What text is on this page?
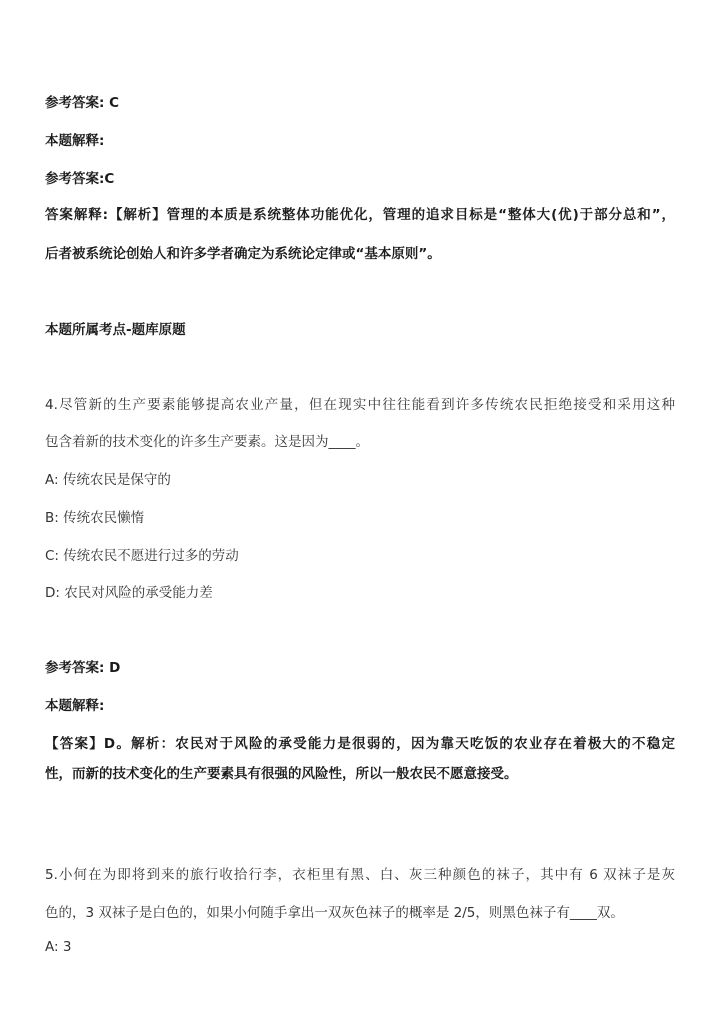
参考答案: C
本题解释:
参考答案:C
答案解释:【解析】管理的本质是系统整体功能优化，管理的追求目标是“整体大(优)于部分总和”，
后者被系统论创始人和许多学者确定为系统论定律或“基本原则”。
本题所属考点-题库原题
4.尽管新的生产要素能够提高农业产量，但在现实中往往能看到许多传统农民拒绝接受和采用这种
包含着新的技术变化的许多生产要素。这是因为____。
A: 传统农民是保守的
B: 传统农民懒惰
C: 传统农民不愿进行过多的劳动
D: 农民对风险的承受能力差
参考答案: D
本题解释:
【答案】D。解析：农民对于风险的承受能力是很弱的，因为靠天吃饭的农业存在着极大的不稳定
性，而新的技术变化的生产要素具有很强的风险性，所以一般农民不愿意接受。
5.小何在为即将到来的旅行收拾行李，衣柜里有黑、白、灰三种颜色的袜子，其中有 6 双袜子是灰
色的，3 双袜子是白色的，如果小何随手拿出一双灰色袜子的概率是 2/5，则黑色袜子有____双。
A: 3
